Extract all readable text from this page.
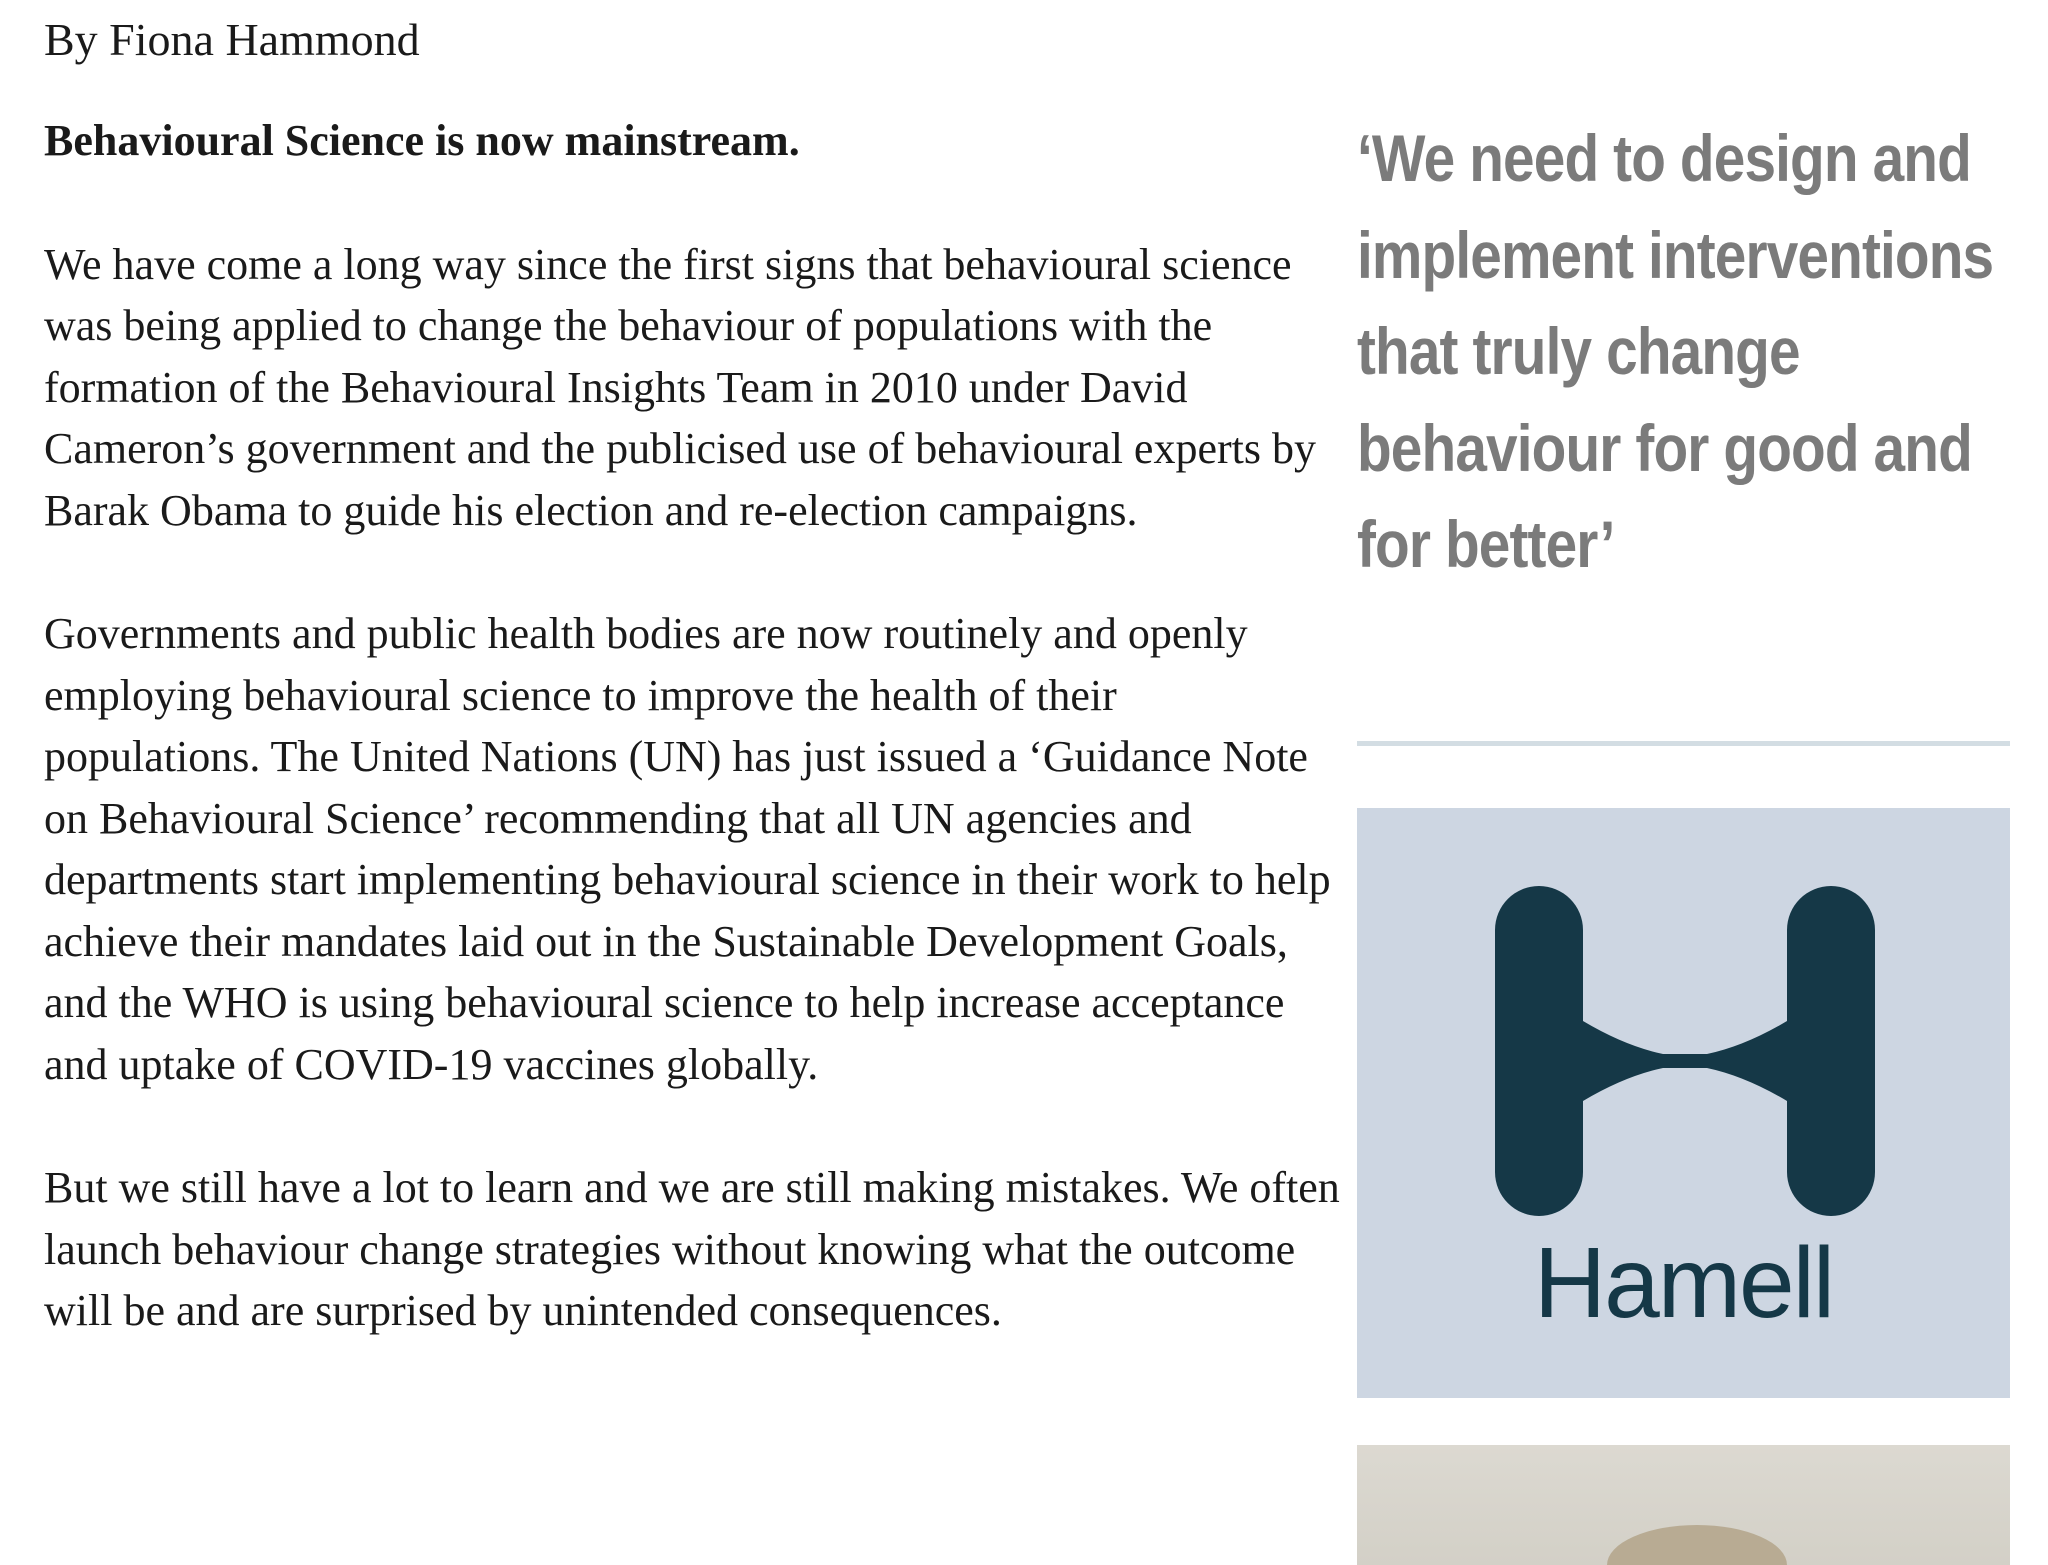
By Fiona Hammond

Behavioural Science is now mainstream.

We have come a long way since the first signs that behavioural science was being applied to change the behaviour of populations with the formation of the Behavioural Insights Team in 2010 under David Cameron’s government and the publicised use of behavioural experts by Barak Obama to guide his election and re-election campaigns.

Governments and public health bodies are now routinely and openly employing behavioural science to improve the health of their populations. The United Nations (UN) has just issued a ‘Guidance Note on Behavioural Science’ recommending that all UN agencies and departments start implementing behavioural science in their work to help achieve their mandates laid out in the Sustainable Development Goals, and the WHO is using behavioural science to help increase acceptance and uptake of COVID-19 vaccines globally.

But we still have a lot to learn and we are still making mistakes. We often launch behaviour change strategies without knowing what the outcome will be and are surprised by unintended consequences.

‘We need to design and implement interventions that truly change behaviour for good and for better’

Hamell
